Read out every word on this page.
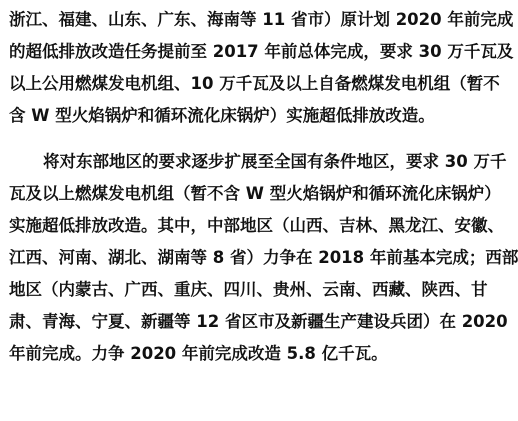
浙江、福建、山东、广东、海南等 11 省市）原计划 2020 年前完成
的超低排放改造任务提前至 2017 年前总体完成，要求 30 万千瓦及
以上公用燃煤发电机组、10 万千瓦及以上自备燃煤发电机组（暂不
含 W 型火焰锅炉和循环流化床锅炉）实施超低排放改造。
将对东部地区的要求逐步扩展至全国有条件地区，要求 30 万千
瓦及以上燃煤发电机组（暂不含 W 型火焰锅炉和循环流化床锅炉）
实施超低排放改造。其中，中部地区（山西、吉林、黑龙江、安徽、
江西、河南、湖北、湖南等 8 省）力争在 2018 年前基本完成；西部
地区（内蒙古、广西、重庆、四川、贵州、云南、西藏、陕西、甘
肃、青海、宁夏、新疆等 12 省区市及新疆生产建设兵团）在 2020
年前完成。力争 2020 年前完成改造 5.8 亿千瓦。
